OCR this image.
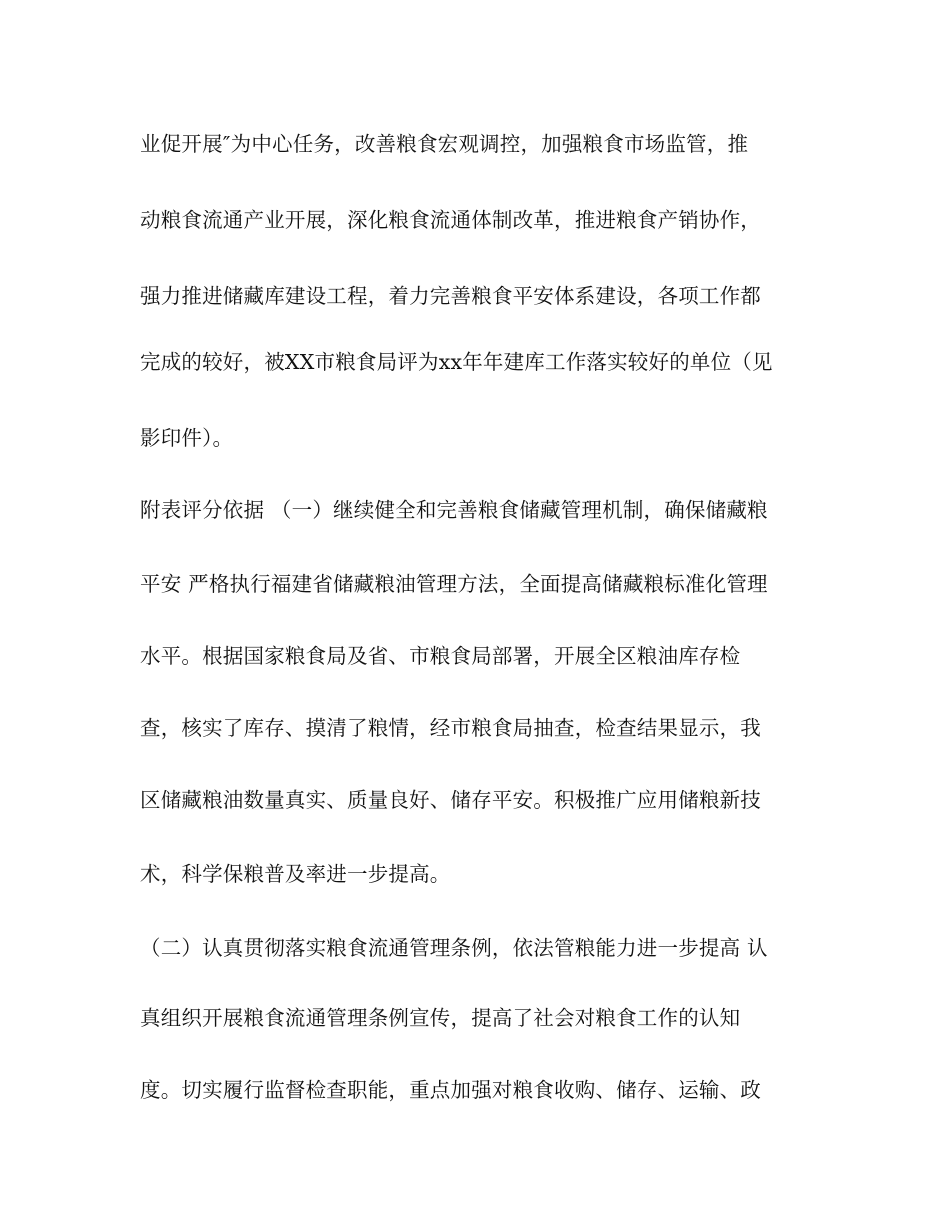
业促开展″为中心任务，改善粮食宏观调控，加强粮食市场监管，推
动粮食流通产业开展，深化粮食流通体制改革，推进粮食产销协作，
强力推进储藏库建设工程，着力完善粮食平安体系建设，各项工作都
完成的较好，被XX市粮食局评为xx年年建库工作落实较好的单位（见
影印件）。
附表评分依据 （一）继续健全和完善粮食储藏管理机制，确保储藏粮
平安 严格执行福建省储藏粮油管理方法，全面提高储藏粮标准化管理
水平。根据国家粮食局及省、市粮食局部署，开展全区粮油库存检
查，核实了库存、摸清了粮情，经市粮食局抽查，检查结果显示，我
区储藏粮油数量真实、质量良好、储存平安。积极推广应用储粮新技
术，科学保粮普及率进一步提高。
（二）认真贯彻落实粮食流通管理条例，依法管粮能力进一步提高 认
真组织开展粮食流通管理条例宣传，提高了社会对粮食工作的认知
度。切实履行监督检查职能，重点加强对粮食收购、储存、运输、政
